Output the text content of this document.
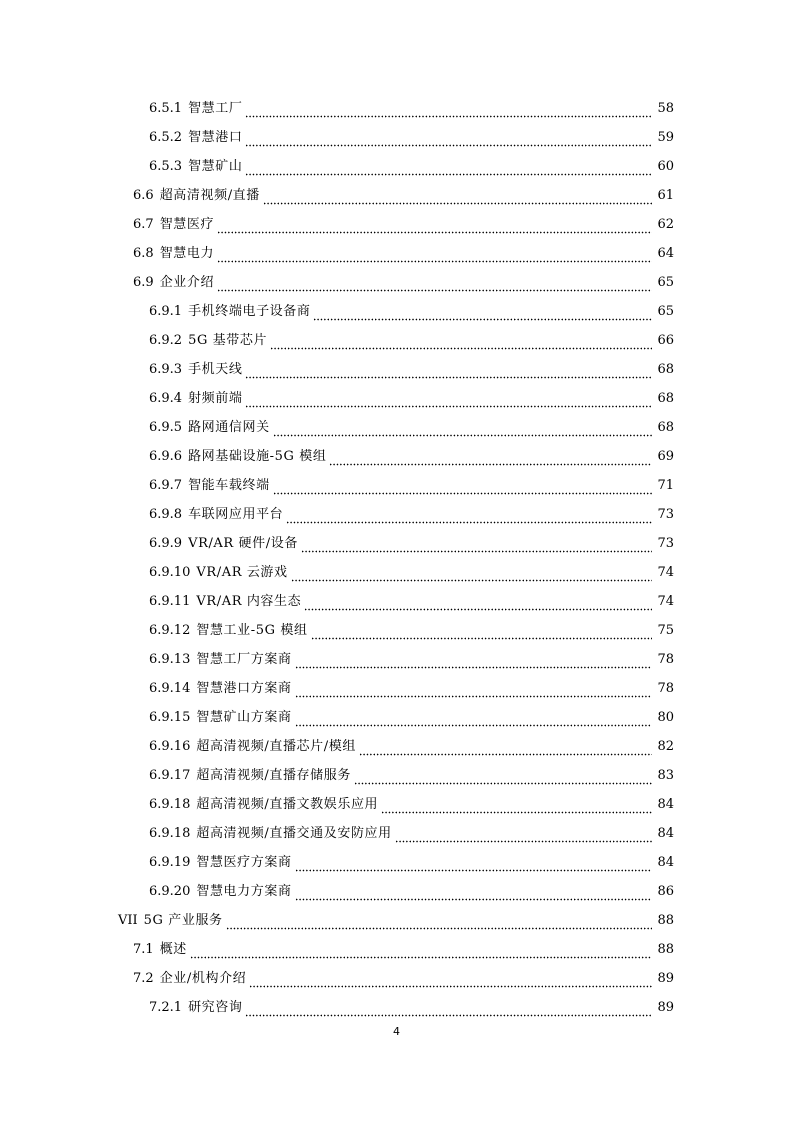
6.5.1 智慧工厂	58
6.5.2 智慧港口	59
6.5.3 智慧矿山	60
6.6 超高清视频/直播	61
6.7 智慧医疗	62
6.8 智慧电力	64
6.9 企业介绍	65
6.9.1 手机终端电子设备商	65
6.9.2 5G 基带芯片	66
6.9.3 手机天线	68
6.9.4 射频前端	68
6.9.5 路网通信网关	68
6.9.6 路网基础设施-5G 模组	69
6.9.7 智能车载终端	71
6.9.8 车联网应用平台	73
6.9.9 VR/AR 硬件/设备	73
6.9.10 VR/AR 云游戏	74
6.9.11 VR/AR 内容生态	74
6.9.12 智慧工业-5G 模组	75
6.9.13 智慧工厂方案商	78
6.9.14 智慧港口方案商	78
6.9.15 智慧矿山方案商	80
6.9.16 超高清视频/直播芯片/模组	82
6.9.17 超高清视频/直播存储服务	83
6.9.18 超高清视频/直播文教娱乐应用	84
6.9.18 超高清视频/直播交通及安防应用	84
6.9.19 智慧医疗方案商	84
6.9.20 智慧电力方案商	86
VII 5G 产业服务	88
7.1 概述	88
7.2 企业/机构介绍	89
7.2.1 研究咨询	89
4
